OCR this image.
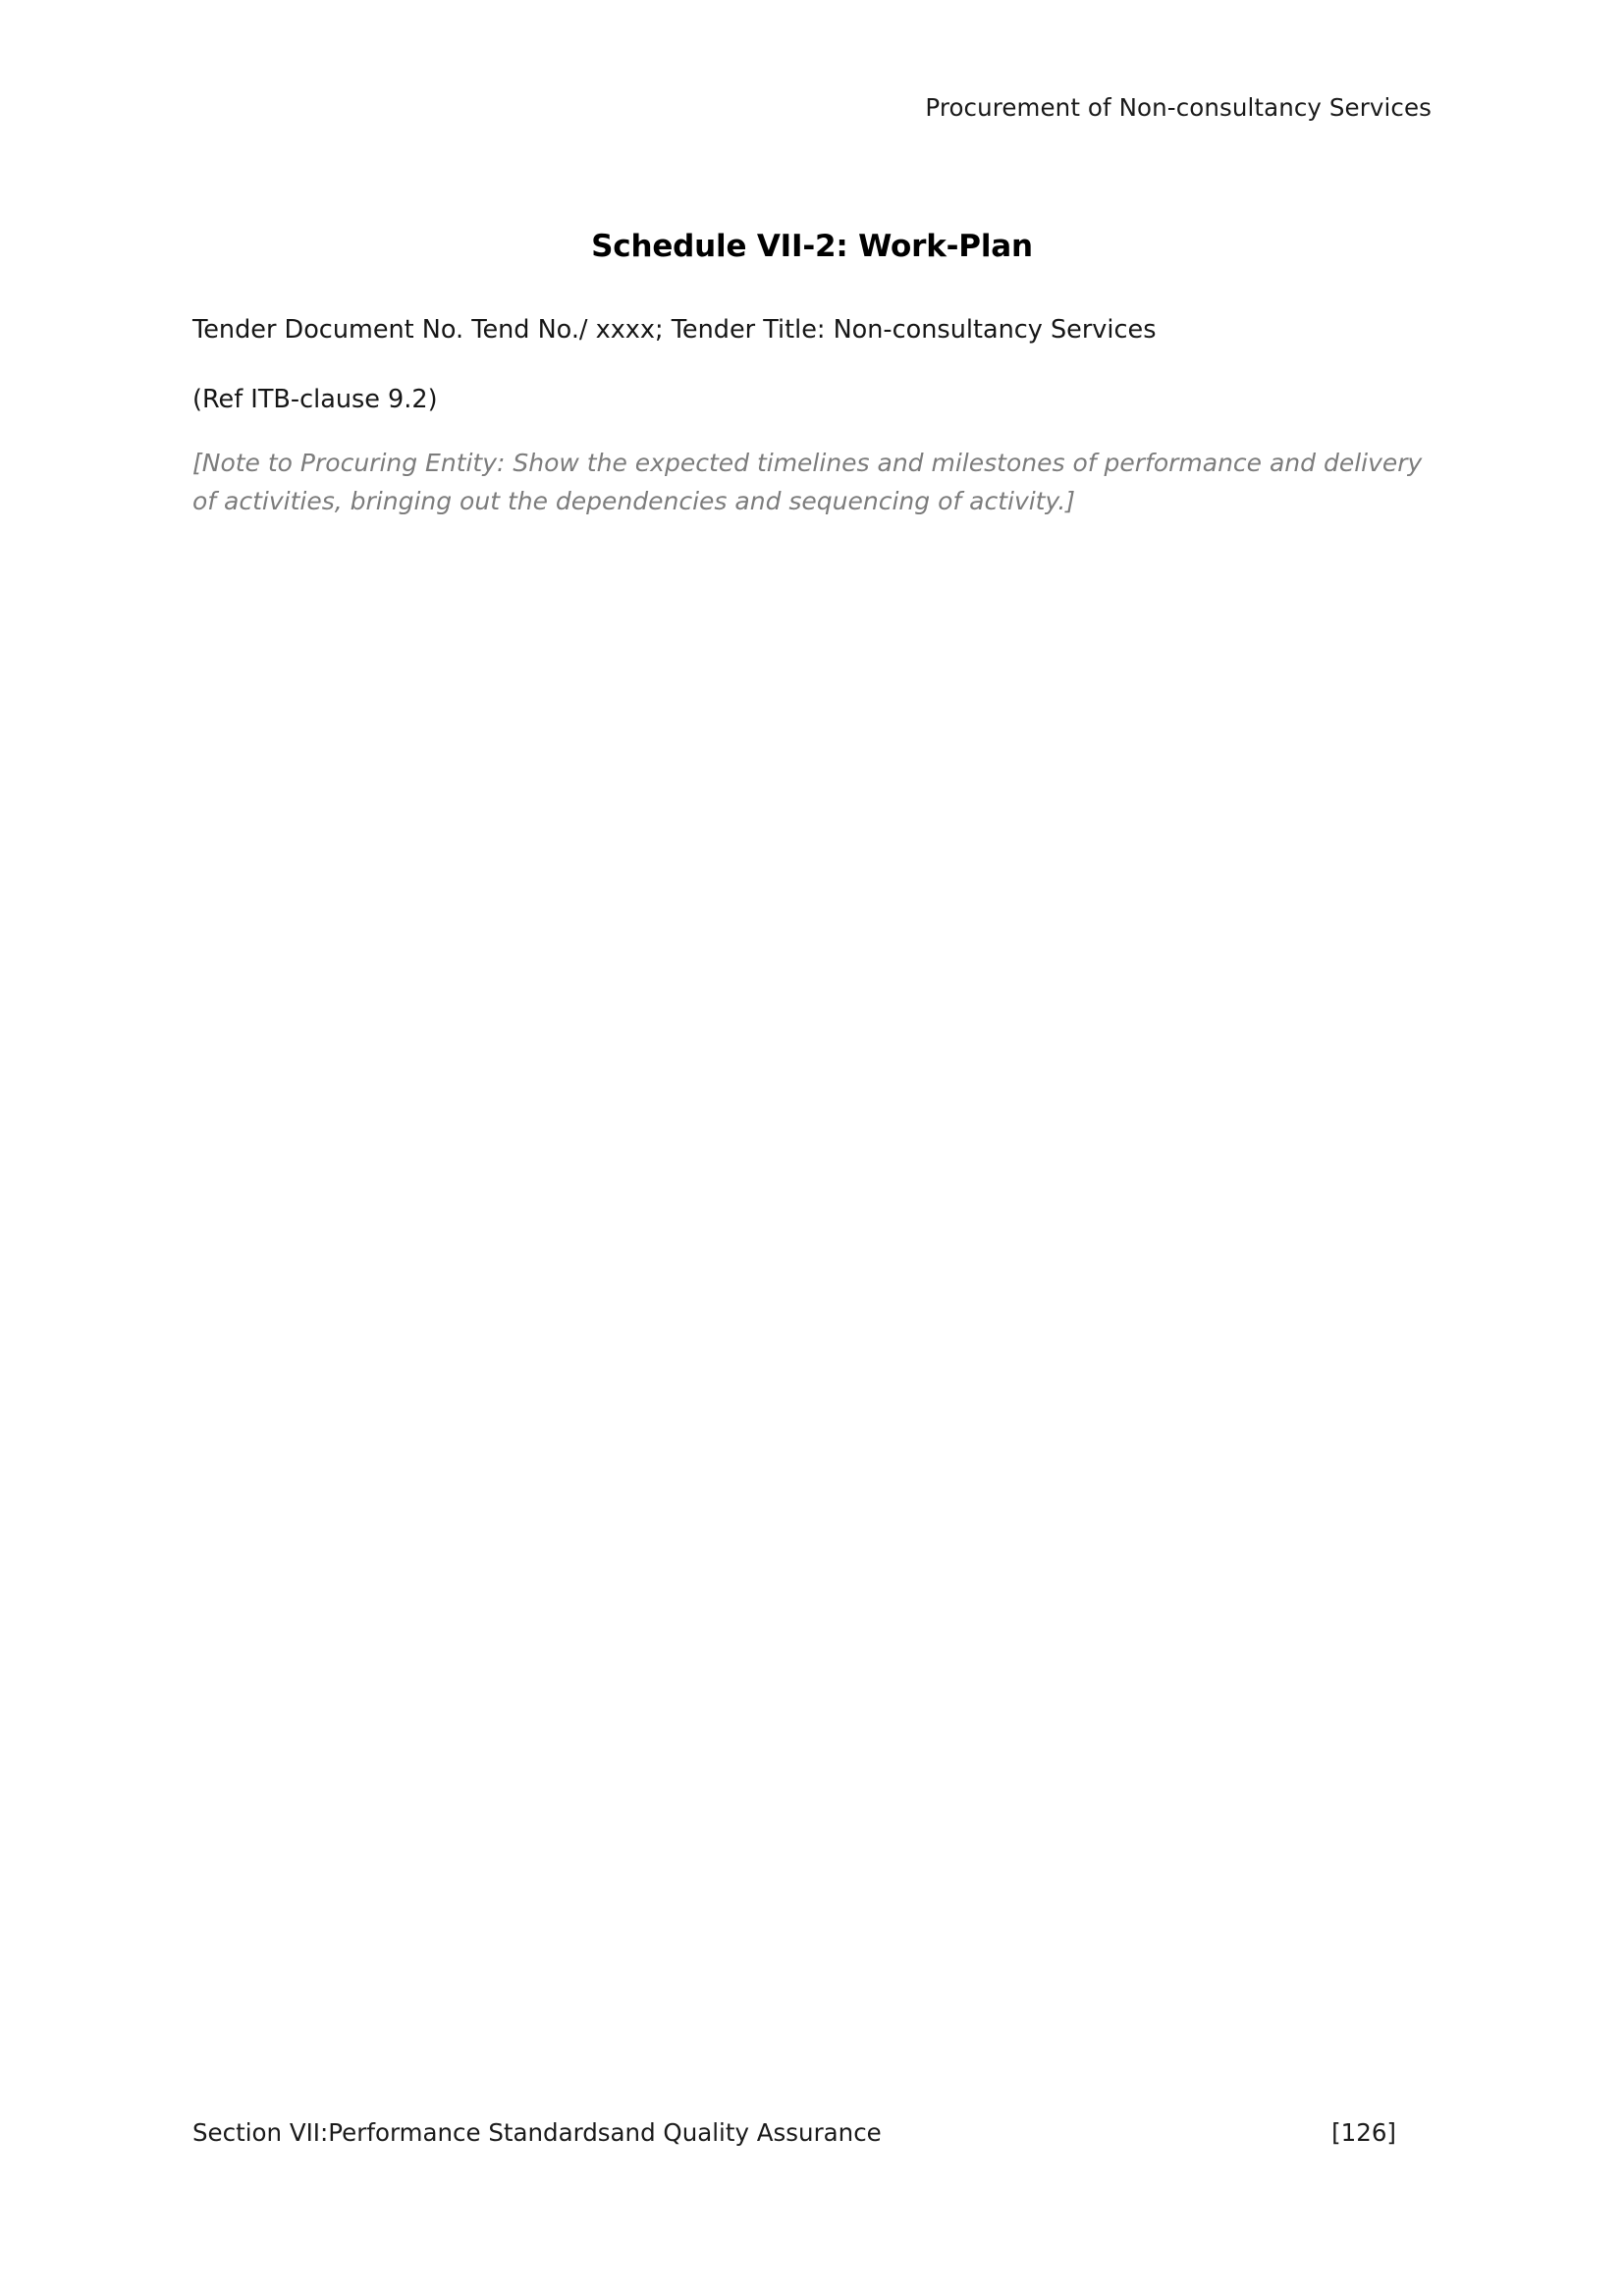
Procurement of Non-consultancy Services
Schedule VII-2: Work-Plan

Tender Document No. Tend No./ xxxx; Tender Title: Non-consultancy Services

(Ref ITB-clause 9.2)

[Note to Procuring Entity: Show the expected timelines and milestones of performance and delivery of activities, bringing out the dependencies and sequencing of activity.]

Section VII:Performance Standardsand Quality Assurance	[126]
